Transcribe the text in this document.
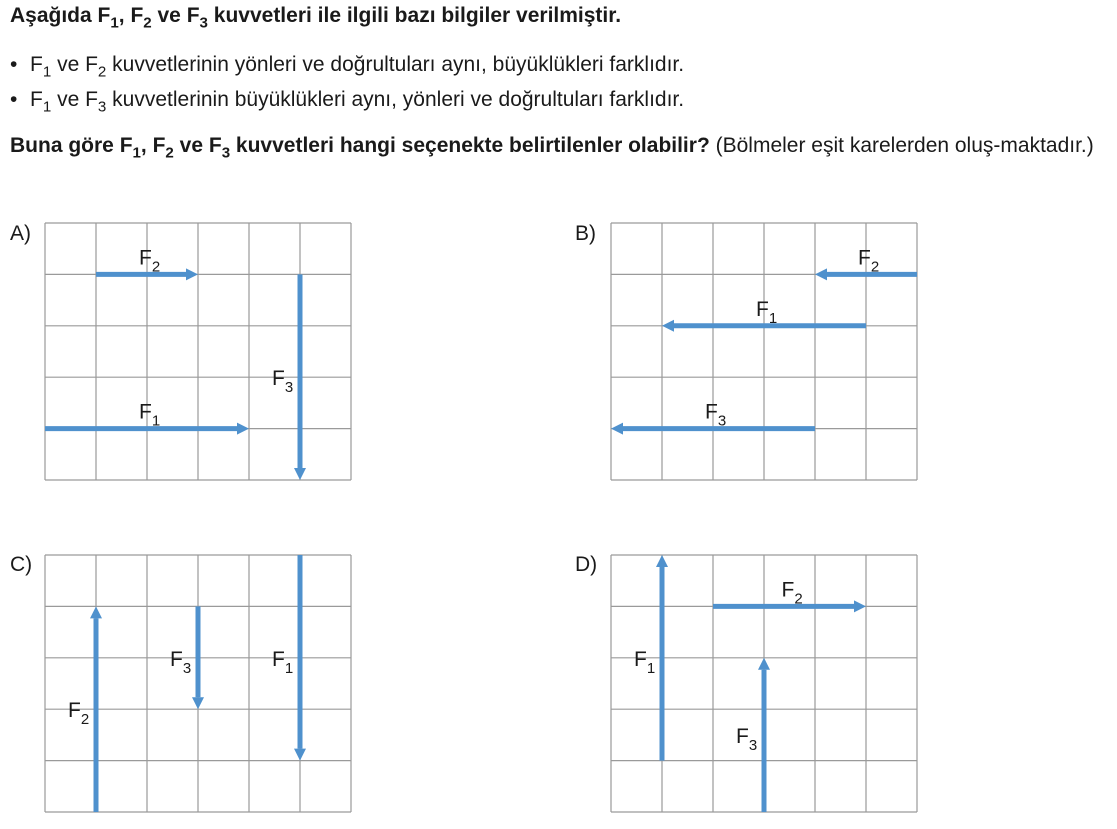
Aşağıda $F_1$, $F_2$ ve $F_3$ kuvvetleri ile ilgili bazı bilgiler verilmiştir.
• $F_1$ ve $F_2$ kuvvetlerinin yönleri ve doğrultuları aynı, büyüklükleri farklıdır.
• $F_1$ ve $F_3$ kuvvetlerinin büyüklükleri aynı, yönleri ve doğrultuları farklıdır.
Buna göre $F_1$, $F_2$ ve $F_3$ kuvvetleri hangi seçenekte belirtilenler olabilir? (Bölmeler eşit karelerden oluş-maktadır.)
A)	B)
C)	D)
$F_2$
$F_3$
$F_1$
$F_2$
$F_1$
$F_3$
$F_2$
$F_3$	$F_1$	$F_1$
$F_2$
$F_3$
